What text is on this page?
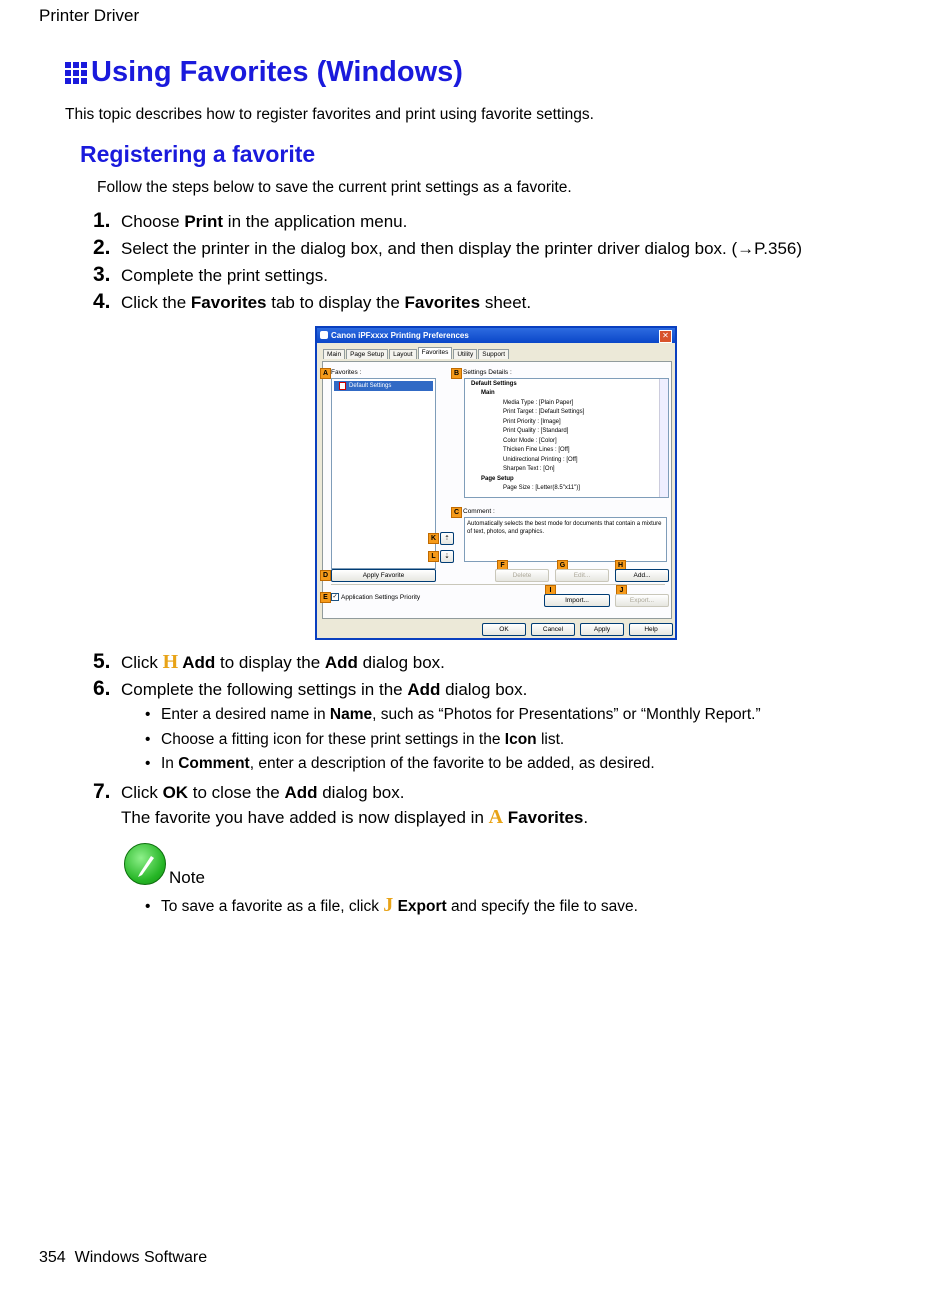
Printer Driver
Using Favorites (Windows)
This topic describes how to register favorites and print using favorite settings.
Registering a favorite
Follow the steps below to save the current print settings as a favorite.
1. Choose Print in the application menu.
2. Select the printer in the dialog box, and then display the printer driver dialog box. (→P.356)
3. Complete the print settings.
4. Click the Favorites tab to display the Favorites sheet.
Canon iPFxxxx Printing Preferences	✕
Main	Page Setup	Layout	Favorites	Utility	Support
A Favorites :
Default Settings
B Settings Details :
Default Settings
Main
Media Type : [Plain Paper]
Print Target : [Default Settings]
Print Priority : [Image]
Print Quality : [Standard]
Color Mode : [Color]
Thicken Fine Lines : [Off]
Unidirectional Printing : [Off]
Sharpen Text : [On]
Page Setup
Page Size : [Letter(8.5"x11")]
C Comment :
Automatically selects the best mode for documents that contain a mixture of text, photos, and graphics.
K	⇡
L	⇣
D	Apply Favorite
F
Delete
G
Edit...
H
Add...
E ✓ Application Settings Priority
I
Import...
J
Export...
OK	Cancel	Apply	Help
5. Click H Add to display the Add dialog box.
6. Complete the following settings in the Add dialog box.
• Enter a desired name in Name, such as “Photos for Presentations” or “Monthly Report.”
• Choose a fitting icon for these print settings in the Icon list.
• In Comment, enter a description of the favorite to be added, as desired.
7. Click OK to close the Add dialog box.
The favorite you have added is now displayed in A Favorites.
Note
• To save a favorite as a file, click J Export and specify the file to save.
354 Windows Software
